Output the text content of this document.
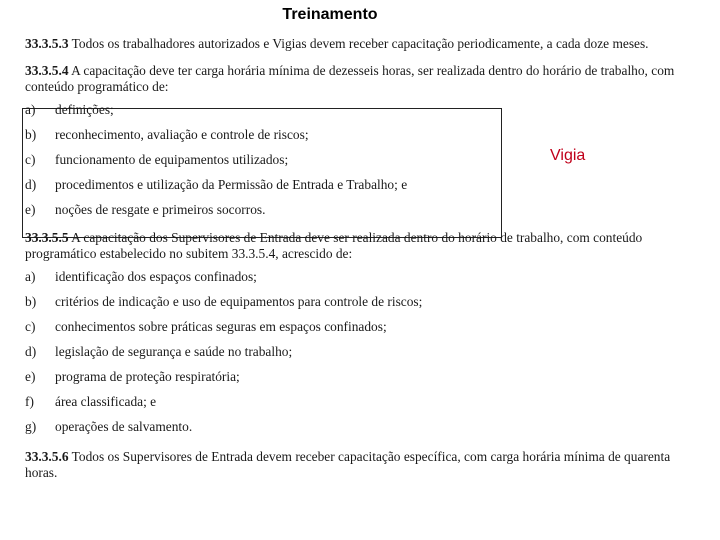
Treinamento
Vigia

33.3.5.3 Todos os trabalhadores autorizados e Vigias devem receber capacitação periodicamente, a cada doze meses.

33.3.5.4 A capacitação deve ter carga horária mínima de dezesseis horas, ser realizada dentro do horário de trabalho, com conteúdo programático de:

a)	definições;
b)	reconhecimento, avaliação e controle de riscos;
c)	funcionamento de equipamentos utilizados;
d)	procedimentos e utilização da Permissão de Entrada e Trabalho; e
e)	noções de resgate e primeiros socorros.

33.3.5.5 A capacitação dos Supervisores de Entrada deve ser realizada dentro do horário de trabalho, com conteúdo programático estabelecido no subitem 33.3.5.4, acrescido de:

a)	identificação dos espaços confinados;
b)	critérios de indicação e uso de equipamentos para controle de riscos;
c)	conhecimentos sobre práticas seguras em espaços confinados;
d)	legislação de segurança e saúde no trabalho;
e)	programa de proteção respiratória;
f)	área classificada; e
g)	operações de salvamento.

33.3.5.6 Todos os Supervisores de Entrada devem receber capacitação específica, com carga horária mínima de quarenta horas.
